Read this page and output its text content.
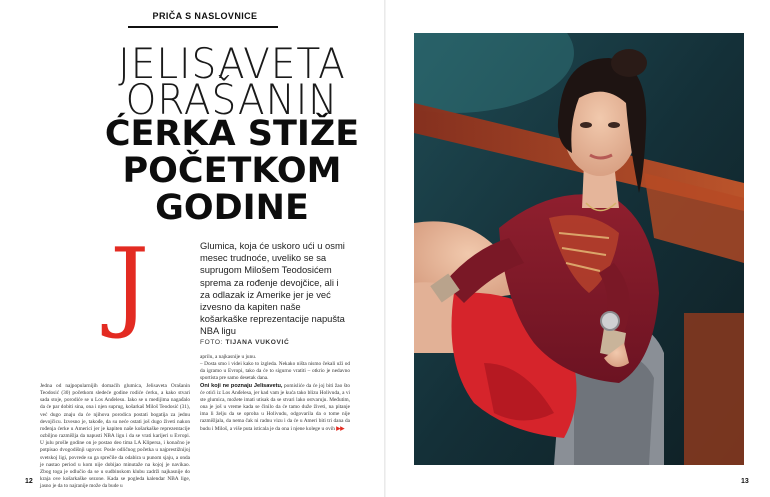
PRIČA S NASLOVNICE
JELISAVETA
ORAŠANIN
ĆERKA STIŽE
POČETKOM
GODINE
J	Glumica, koja će uskoro ući u osmi mesec trudnoće, uveliko se sa suprugom Milošem Teodosićem sprema za rođenje devojčice, ali i za odlazak iz Amerike jer je već izvesno da kapiten naše košarkaške reprezentacije napušta NBA ligu
FOTO: TIJANA VUKOVIĆ
Jedna od najpopularnijih domaćih glumica, Jelisaveta Orašanin Teodosić (30) početkom sledeće godine rodiće ćerku, a kako stvari sada stoje, porodiće se u Los Anđelesu. Iako se u medijima nagađalo da će par dobiti sina, ona i njen suprug, košarkaš Miloš Teodosić (31), već dugo znaju da će njihova porodica postati bogatija za jednu devojčicu. Izvesno je, takođe, da su neće ostati još dugo živeti nakon rođenja ćerke u Americi jer je kapiten naše košarkaške reprezentacije ozbiljno razmišlja da napusti NBA ligu i da se vrati karijeri u Evropi. U julu prošle godine on je postao deo tima LA Klipersa, i konačno je potpisao dvogodišnji ugovor. Posle odličnog početka u najprestižnijoj svetskoj ligi, povrede su ga sprečile da odabira u punom sjaju, a onda je nastao period u kom nije dobijao minutaže na kojoj je navikao. Zbog toga je odlučio da se u sudbinskom klubu zadrži najkasnije do kraja ove košarkaške sezone. Kada se pogleda kalendar NBA lige, jasno je da to najranije može da bude u

aprilu, a najkasnije u junu.

– Dosta smo i videi kako to izgleda. Nekako ništa nismo čekali uži od da igramo u Evropi, tako da će to sigurno vratiti – otkrio je nedavno sportista pre samo desetak dana.

Oni koji ne poznaju Jelisavetu, pomisliće da će joj biti žao što će otići iz Los Anđelesa, jer kad vam je kuća tako blizu Holivuda, a vi ste glumica, možete imati utisak da se stvari lako ostvaruju. Međutim, ona je još u vreme kada se činilo da će tamo duže živeti, na pitanje ima li želju da se oproba u Holivudu, odgovarila da o tome nije razmišljala, da nema čak ni radnu vizu i da će u Ameri biti tri dana da budu i Miloš, a više puta isticala je da ona i njene kolege u ovih ▶▶

12	13
